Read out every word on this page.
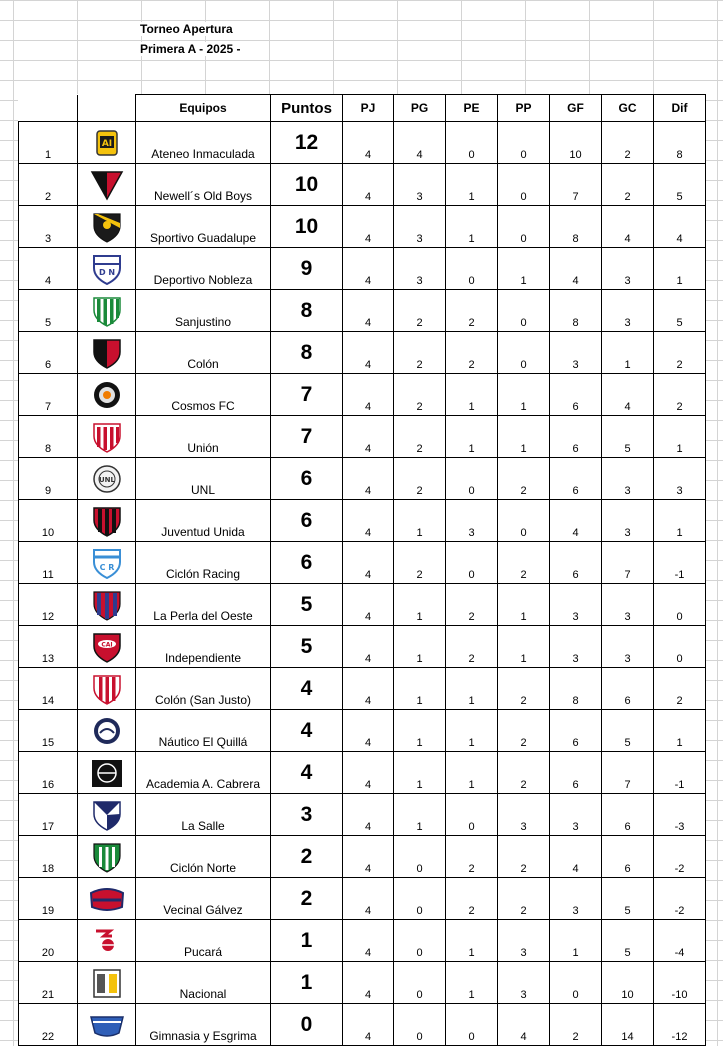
Torneo Apertura
Primera A - 2025 -
		Equipos	Puntos	PJ	PG	PE	PP	GF	GC	Dif
1	AI	Ateneo Inmaculada	12	4	4	0	0	10	2	8
2		Newell´s Old Boys	10	4	3	1	0	7	2	5
3		Sportivo Guadalupe	10	4	3	1	0	8	4	4
4	D N	Deportivo Nobleza	9	4	3	0	1	4	3	1
5		Sanjustino	8	4	2	2	0	8	3	5
6		Colón	8	4	2	2	0	3	1	2
7		Cosmos FC	7	4	2	1	1	6	4	2
8		Unión	7	4	2	1	1	6	5	1
9	UNL	UNL	6	4	2	0	2	6	3	3
10		Juventud Unida	6	4	1	3	0	4	3	1
11	C R	Ciclón Racing	6	4	2	0	2	6	7	-1
12		La Perla del Oeste	5	4	1	2	1	3	3	0
13	CAI	Independiente	5	4	1	2	1	3	3	0
14		Colón (San Justo)	4	4	1	1	2	8	6	2
15		Náutico El Quillá	4	4	1	1	2	6	5	1
16		Academia A. Cabrera	4	4	1	1	2	6	7	-1
17		La Salle	3	4	1	0	3	3	6	-3
18		Ciclón Norte	2	4	0	2	2	4	6	-2
19		Vecinal Gálvez	2	4	0	2	2	3	5	-2
20		Pucará	1	4	0	1	3	1	5	-4
21		Nacional	1	4	0	1	3	0	10	-10
22		Gimnasia y Esgrima	0	4	0	0	4	2	14	-12
